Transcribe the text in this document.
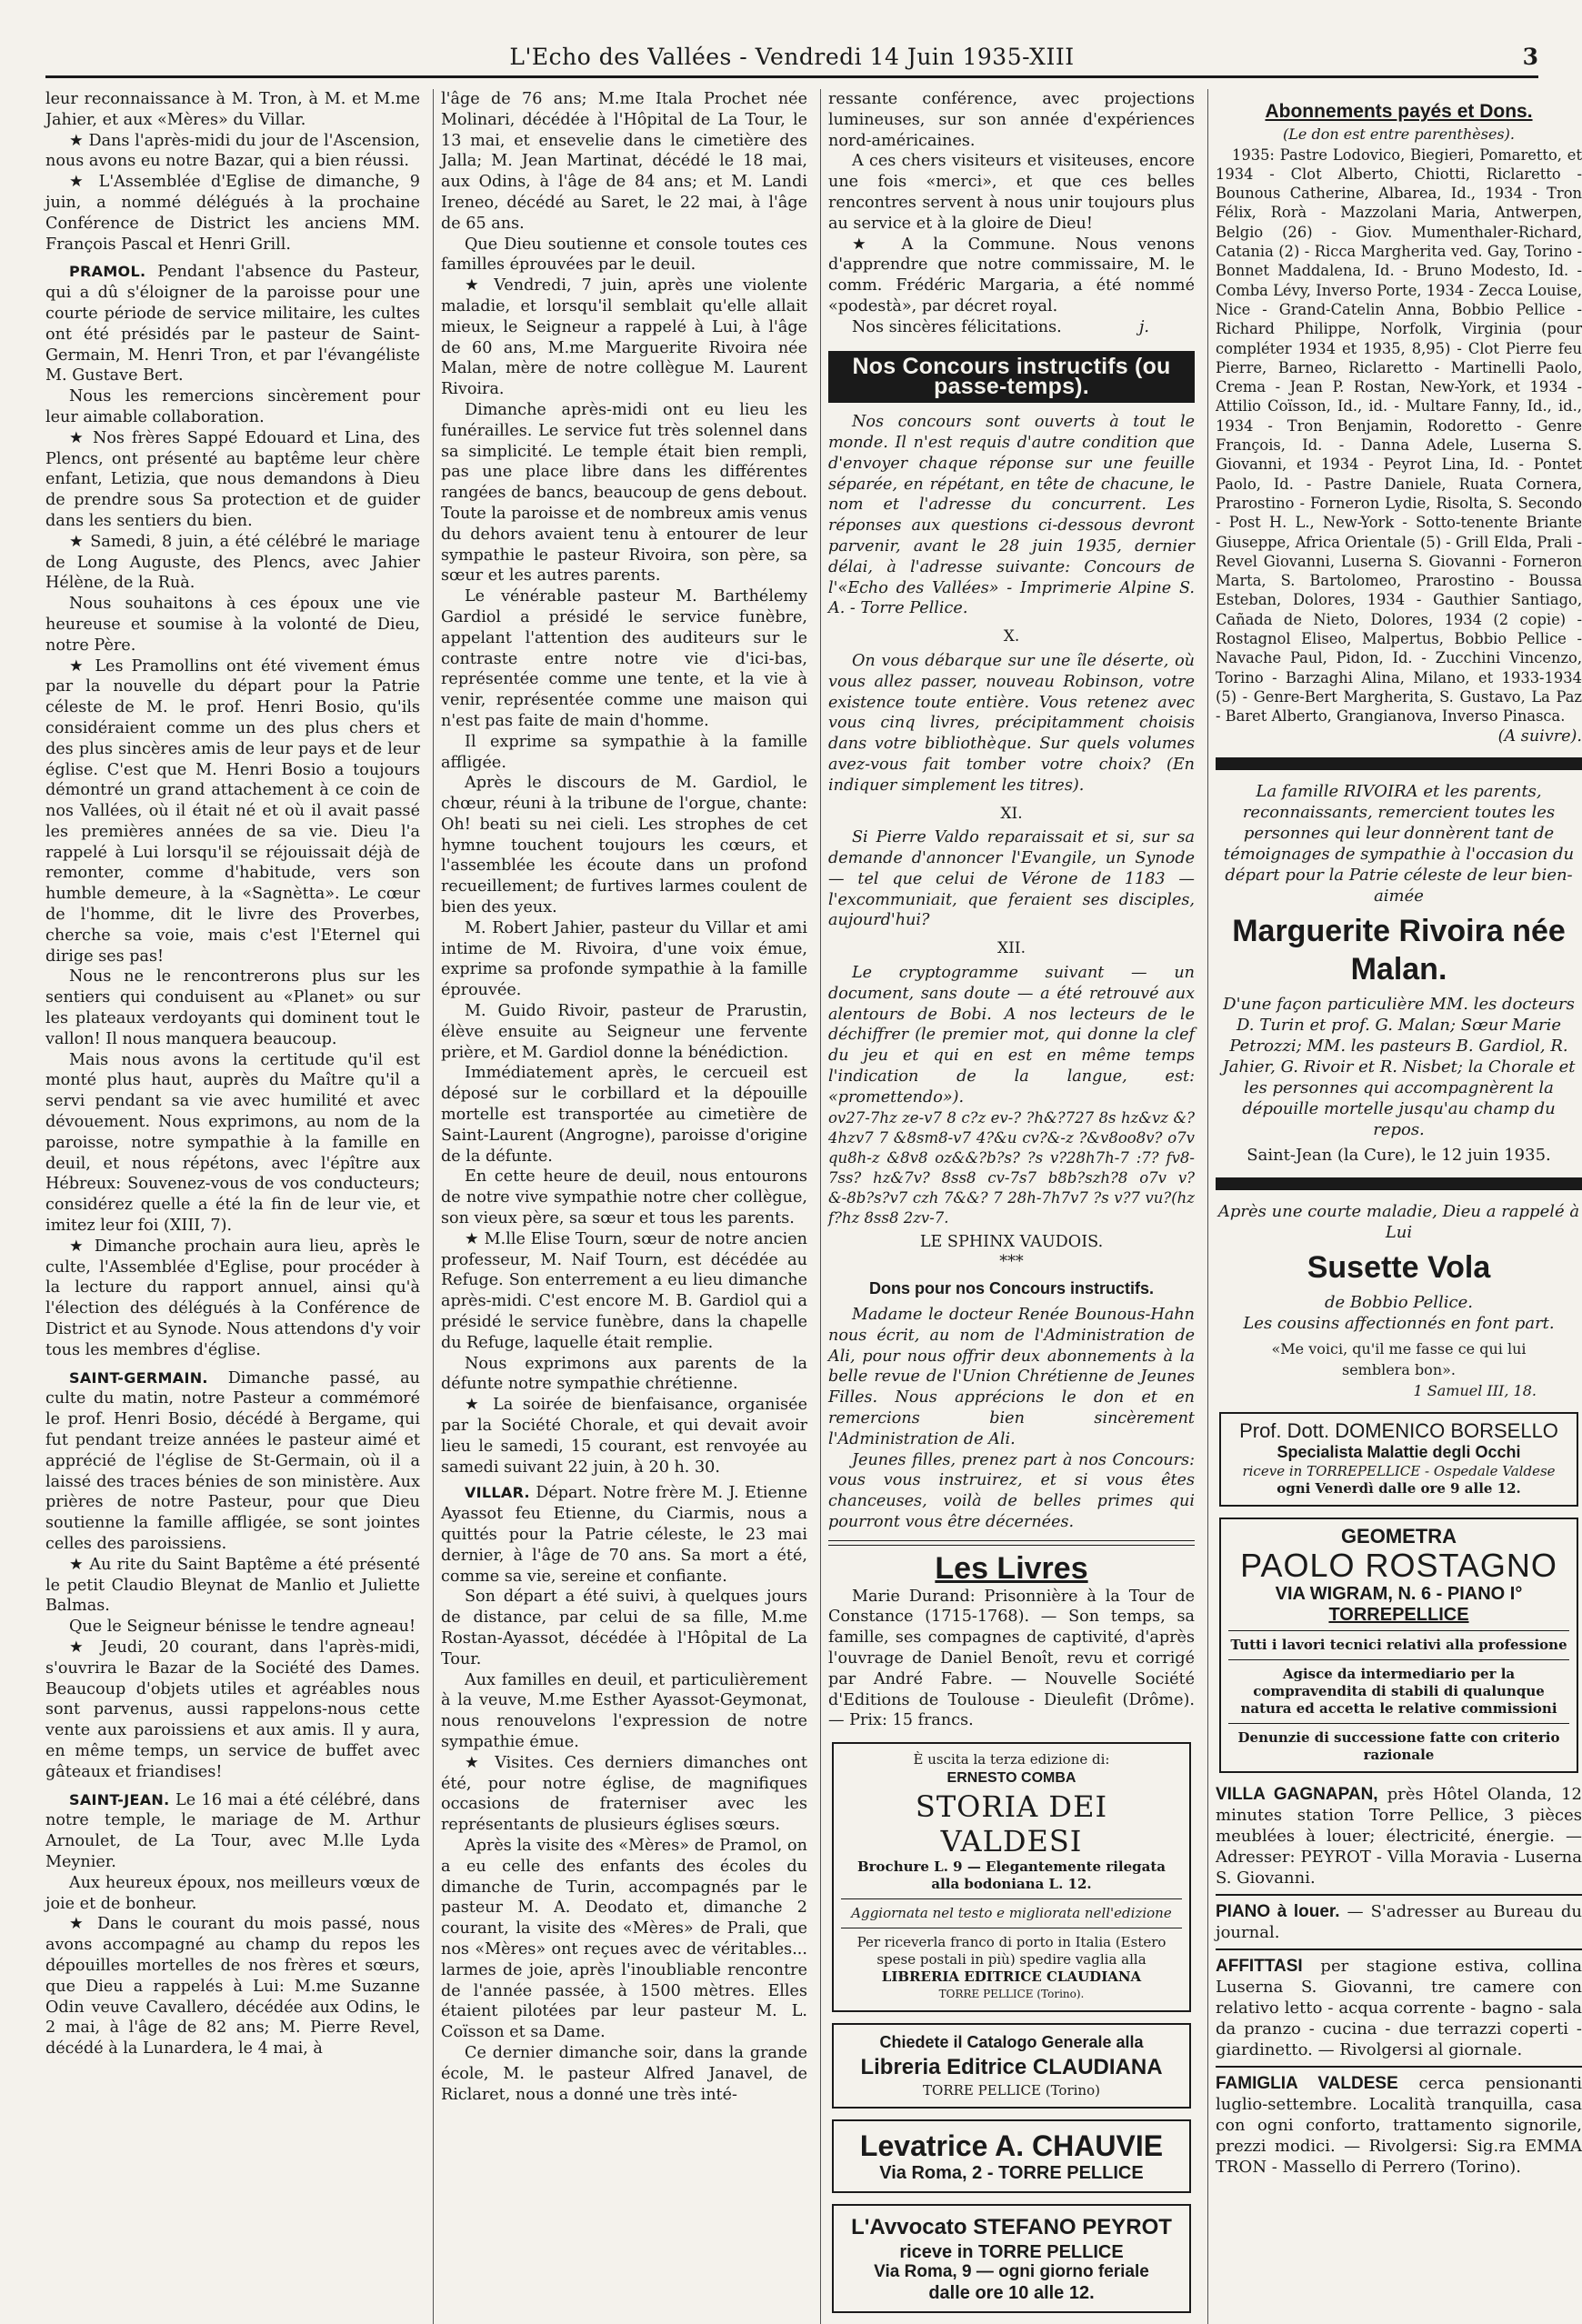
L'Echo des Vallées - Vendredi 14 Juin 1935-XIII	3

leur reconnaissance à M. Tron, à M. et M.me Jahier, et aux «Mères» du Villar.

★ Dans l'après-midi du jour de l'Ascension, nous avons eu notre Bazar, qui a bien réussi.

★ L'Assemblée d'Eglise de dimanche, 9 juin, a nommé délégués à la prochaine Conférence de District les anciens MM. François Pascal et Henri Grill.

PRAMOL. Pendant l'absence du Pasteur, qui a dû s'éloigner de la paroisse pour une courte période de service militaire, les cultes ont été présidés par le pasteur de Saint-Germain, M. Henri Tron, et par l'évangéliste M. Gustave Bert.

Nous les remercions sincèrement pour leur aimable collaboration.

★ Nos frères Sappé Edouard et Lina, des Plencs, ont présenté au baptême leur chère enfant, Letizia, que nous demandons à Dieu de prendre sous Sa protection et de guider dans les sentiers du bien.

★ Samedi, 8 juin, a été célébré le mariage de Long Auguste, des Plencs, avec Jahier Hélène, de la Ruà.

Nous souhaitons à ces époux une vie heureuse et soumise à la volonté de Dieu, notre Père.

★ Les Pramollins ont été vivement émus par la nouvelle du départ pour la Patrie céleste de M. le prof. Henri Bosio, qu'ils considéraient comme un des plus chers et des plus sincères amis de leur pays et de leur église. C'est que M. Henri Bosio a toujours démontré un grand attachement à ce coin de nos Vallées, où il était né et où il avait passé les premières années de sa vie. Dieu l'a rappelé à Lui lorsqu'il se réjouissait déjà de remonter, comme d'habitude, vers son humble demeure, à la «Sagnètta». Le cœur de l'homme, dit le livre des Proverbes, cherche sa voie, mais c'est l'Eternel qui dirige ses pas!

Nous ne le rencontrerons plus sur les sentiers qui conduisent au «Planet» ou sur les plateaux verdoyants qui dominent tout le vallon! Il nous manquera beaucoup.

Mais nous avons la certitude qu'il est monté plus haut, auprès du Maître qu'il a servi pendant sa vie avec humilité et avec dévouement. Nous exprimons, au nom de la paroisse, notre sympathie à la famille en deuil, et nous répétons, avec l'épître aux Hébreux: Souvenez-vous de vos conducteurs; considérez quelle a été la fin de leur vie, et imitez leur foi (XIII, 7).

★ Dimanche prochain aura lieu, après le culte, l'Assemblée d'Eglise, pour procéder à la lecture du rapport annuel, ainsi qu'à l'élection des délégués à la Conférence de District et au Synode. Nous attendons d'y voir tous les membres d'église.

SAINT-GERMAIN. Dimanche passé, au culte du matin, notre Pasteur a commémoré le prof. Henri Bosio, décédé à Bergame, qui fut pendant treize années le pasteur aimé et apprécié de l'église de St-Germain, où il a laissé des traces bénies de son ministère. Aux prières de notre Pasteur, pour que Dieu soutienne la famille affligée, se sont jointes celles des paroissiens.

★ Au rite du Saint Baptême a été présenté le petit Claudio Bleynat de Manlio et Juliette Balmas.

Que le Seigneur bénisse le tendre agneau!

★ Jeudi, 20 courant, dans l'après-midi, s'ouvrira le Bazar de la Société des Dames. Beaucoup d'objets utiles et agréables nous sont parvenus, aussi rappelons-nous cette vente aux paroissiens et aux amis. Il y aura, en même temps, un service de buffet avec gâteaux et friandises!

SAINT-JEAN. Le 16 mai a été célébré, dans notre temple, le mariage de M. Arthur Arnoulet, de La Tour, avec M.lle Lyda Meynier.

Aux heureux époux, nos meilleurs vœux de joie et de bonheur.

★ Dans le courant du mois passé, nous avons accompagné au champ du repos les dépouilles mortelles de nos frères et sœurs, que Dieu a rappelés à Lui: M.me Suzanne Odin veuve Cavallero, décédée aux Odins, le 2 mai, à l'âge de 82 ans; M. Pierre Revel, décédé à la Lunardera, le 4 mai, à

l'âge de 76 ans; M.me Itala Prochet née Molinari, décédée à l'Hôpital de La Tour, le 13 mai, et ensevelie dans le cimetière des Jalla; M. Jean Martinat, décédé le 18 mai, aux Odins, à l'âge de 84 ans; et M. Landi Ireneo, décédé au Saret, le 22 mai, à l'âge de 65 ans.

Que Dieu soutienne et console toutes ces familles éprouvées par le deuil.

★ Vendredi, 7 juin, après une violente maladie, et lorsqu'il semblait qu'elle allait mieux, le Seigneur a rappelé à Lui, à l'âge de 60 ans, M.me Marguerite Rivoira née Malan, mère de notre collègue M. Laurent Rivoira.

Dimanche après-midi ont eu lieu les funérailles. Le service fut très solennel dans sa simplicité. Le temple était bien rempli, pas une place libre dans les différentes rangées de bancs, beaucoup de gens debout. Toute la paroisse et de nombreux amis venus du dehors avaient tenu à entourer de leur sympathie le pasteur Rivoira, son père, sa sœur et les autres parents.

Le vénérable pasteur M. Barthélemy Gardiol a présidé le service funèbre, appelant l'attention des auditeurs sur le contraste entre notre vie d'ici-bas, représentée comme une tente, et la vie à venir, représentée comme une maison qui n'est pas faite de main d'homme.

Il exprime sa sympathie à la famille affligée.

Après le discours de M. Gardiol, le chœur, réuni à la tribune de l'orgue, chante: Oh! beati su nei cieli. Les strophes de cet hymne touchent toujours les cœurs, et l'assemblée les écoute dans un profond recueillement; de furtives larmes coulent de bien des yeux.

M. Robert Jahier, pasteur du Villar et ami intime de M. Rivoira, d'une voix émue, exprime sa profonde sympathie à la famille éprouvée.

M. Guido Rivoir, pasteur de Prarustin, élève ensuite au Seigneur une fervente prière, et M. Gardiol donne la bénédiction.

Immédiatement après, le cercueil est déposé sur le corbillard et la dépouille mortelle est transportée au cimetière de Saint-Laurent (Angrogne), paroisse d'origine de la défunte.

En cette heure de deuil, nous entourons de notre vive sympathie notre cher collègue, son vieux père, sa sœur et tous les parents.

★ M.lle Elise Tourn, sœur de notre ancien professeur, M. Naif Tourn, est décédée au Refuge. Son enterrement a eu lieu dimanche après-midi. C'est encore M. B. Gardiol qui a présidé le service funèbre, dans la chapelle du Refuge, laquelle était remplie.

Nous exprimons aux parents de la défunte notre sympathie chrétienne.

★ La soirée de bienfaisance, organisée par la Société Chorale, et qui devait avoir lieu le samedi, 15 courant, est renvoyée au samedi suivant 22 juin, à 20 h. 30.

VILLAR. Départ. Notre frère M. J. Etienne Ayassot feu Etienne, du Ciarmis, nous a quittés pour la Patrie céleste, le 23 mai dernier, à l'âge de 70 ans. Sa mort a été, comme sa vie, sereine et confiante.

Son départ a été suivi, à quelques jours de distance, par celui de sa fille, M.me Rostan-Ayassot, décédée à l'Hôpital de La Tour.

Aux familles en deuil, et particulièrement à la veuve, M.me Esther Ayassot-Geymonat, nous renouvelons l'expression de notre sympathie émue.

★ Visites. Ces derniers dimanches ont été, pour notre église, de magnifiques occasions de fraterniser avec les représentants de plusieurs églises sœurs.

Après la visite des «Mères» de Pramol, on a eu celle des enfants des écoles du dimanche de Turin, accompagnés par le pasteur M. A. Deodato et, dimanche 2 courant, la visite des «Mères» de Prali, que nos «Mères» ont reçues avec de véritables... larmes de joie, après l'inoubliable rencontre de l'année passée, à 1500 mètres. Elles étaient pilotées par leur pasteur M. L. Coïsson et sa Dame.

Ce dernier dimanche soir, dans la grande école, M. le pasteur Alfred Janavel, de Riclaret, nous a donné une très inté-

ressante conférence, avec projections lumineuses, sur son année d'expériences nord-américaines.

A ces chers visiteurs et visiteuses, encore une fois «merci», et que ces belles rencontres servent à nous unir toujours plus au service et à la gloire de Dieu!

★ A la Commune. Nous venons d'apprendre que notre commissaire, M. le comm. Frédéric Margaria, a été nommé «podestà», par décret royal.

Nos sincères félicitations.	j.

Nos Concours instructifs (ou passe-temps).

Nos concours sont ouverts à tout le monde. Il n'est requis d'autre condition que d'envoyer chaque réponse sur une feuille séparée, en répétant, en tête de chacune, le nom et l'adresse du concurrent. Les réponses aux questions ci-dessous devront parvenir, avant le 28 juin 1935, dernier délai, à l'adresse suivante: Concours de l'«Echo des Vallées» - Imprimerie Alpine S. A. - Torre Pellice.

X.

On vous débarque sur une île déserte, où vous allez passer, nouveau Robinson, votre existence toute entière. Vous retenez avec vous cinq livres, précipitamment choisis dans votre bibliothèque. Sur quels volumes avez-vous fait tomber votre choix? (En indiquer simplement les titres).

XI.

Si Pierre Valdo reparaissait et si, sur sa demande d'annoncer l'Evangile, un Synode — tel que celui de Vérone de 1183 — l'excommuniait, que feraient ses disciples, aujourd'hui?

XII.

Le cryptogramme suivant — un document, sans doute — a été retrouvé aux alentours de Bobi. A nos lecteurs de le déchiffrer (le premier mot, qui donne la clef du jeu et qui en est en même temps l'indication de la langue, est: «promettendo»).

ov27-7hz ze-v7 8 c?z ev-? ?h&?727 8s hz&vz &?4hzv7 7 &8sm8-v7 4?&u cv?&-z ?&v8oo8v? o7v qu8h-z &8v8 oz&&?b?s? ?s v?28h7h-7 :7? fv8-7ss? hz&7v? 8ss8 cv-7s7 b8b?szh?8 o7v v?&-8b?s?v7 czh 7&&? 7 28h-7h7v7 ?s v?7 vu?(hz f?hz 8ss8 2zv-7.

LE SPHINX VAUDOIS.
***
Dons pour nos Concours instructifs.

Madame le docteur Renée Bounous-Hahn nous écrit, au nom de l'Administration de Ali, pour nous offrir deux abonnements à la belle revue de l'Union Chrétienne de Jeunes Filles. Nous apprécions le don et en remercions bien sincèrement l'Administration de Ali.

Jeunes filles, prenez part à nos Concours: vous vous instruirez, et si vous êtes chanceuses, voilà de belles primes qui pourront vous être décernées.

Les Livres

Marie Durand: Prisonnière à la Tour de Constance (1715-1768). — Son temps, sa famille, ses compagnes de captivité, d'après l'ouvrage de Daniel Benoît, revu et corrigé par André Fabre. — Nouvelle Société d'Editions de Toulouse - Dieulefit (Drôme). — Prix: 15 francs.

È uscita la terza edizione di:
ERNESTO COMBA
STORIA DEI VALDESI
Brochure L. 9 — Elegantemente rilegata alla bodoniana L. 12.
Aggiornata nel testo e migliorata nell'edizione
Per riceverla franco di porto in Italia (Estero spese postali in più) spedire vaglia alla
LIBRERIA EDITRICE CLAUDIANA
TORRE PELLICE (Torino).
Chiedete il Catalogo Generale alla
Libreria Editrice CLAUDIANA
TORRE PELLICE (Torino)
Levatrice A. CHAUVIE
Via Roma, 2 - TORRE PELLICE
L'Avvocato STEFANO PEYROT
riceve in TORRE PELLICE
Via Roma, 9 — ogni giorno feriale
dalle ore 10 alle 12.
Abonnements payés et Dons.
(Le don est entre parenthèses).

1935: Pastre Lodovico, Biegieri, Pomaretto, et 1934 - Clot Alberto, Chiotti, Riclaretto - Bounous Catherine, Albarea, Id., 1934 - Tron Félix, Rorà - Mazzolani Maria, Antwerpen, Belgio (26) - Giov. Mumenthaler-Richard, Catania (2) - Ricca Margherita ved. Gay, Torino - Bonnet Maddalena, Id. - Bruno Modesto, Id. - Comba Lévy, Inverso Porte, 1934 - Zecca Louise, Nice - Grand-Catelin Anna, Bobbio Pellice - Richard Philippe, Norfolk, Virginia (pour compléter 1934 et 1935, 8,95) - Clot Pierre feu Pierre, Barneo, Riclaretto - Martinelli Paolo, Crema - Jean P. Rostan, New-York, et 1934 - Attilio Coïsson, Id., id. - Multare Fanny, Id., id., 1934 - Tron Benjamin, Rodoretto - Genre François, Id. - Danna Adele, Luserna S. Giovanni, et 1934 - Peyrot Lina, Id. - Pontet Paolo, Id. - Pastre Daniele, Ruata Cornera, Prarostino - Forneron Lydie, Risolta, S. Secondo - Post H. L., New-York - Sotto-tenente Briante Giuseppe, Africa Orientale (5) - Grill Elda, Prali - Revel Giovanni, Luserna S. Giovanni - Forneron Marta, S. Bartolomeo, Prarostino - Boussa Esteban, Dolores, 1934 - Gauthier Santiago, Cañada de Nieto, Dolores, 1934 (2 copie) - Rostagnol Eliseo, Malpertus, Bobbio Pellice - Navache Paul, Pidon, Id. - Zucchini Vincenzo, Torino - Barzaghi Alina, Milano, et 1933-1934 (5) - Genre-Bert Margherita, S. Gustavo, La Paz - Baret Alberto, Grangianova, Inverso Pinasca.

(A suivre).
La famille RIVOIRA et les parents, reconnaissants, remercient toutes les personnes qui leur donnèrent tant de témoignages de sympathie à l'occasion du départ pour la Patrie céleste de leur bien-aimée
Marguerite Rivoira née Malan.
D'une façon particulière MM. les docteurs D. Turin et prof. G. Malan; Sœur Marie Petrozzi; MM. les pasteurs B. Gardiol, R. Jahier, G. Rivoir et R. Nisbet; la Chorale et les personnes qui accompagnèrent la dépouille mortelle jusqu'au champ du repos.
Saint-Jean (la Cure), le 12 juin 1935.
Après une courte maladie, Dieu a rappelé à Lui
Susette Vola
de Bobbio Pellice.
Les cousins affectionnés en font part.
«Me voici, qu'il me fasse ce qui lui semblera bon».
1 Samuel III, 18.
Prof. Dott. DOMENICO BORSELLO
Specialista Malattie degli Occhi
riceve in TORREPELLICE - Ospedale Valdese
ogni Venerdì dalle ore 9 alle 12.
GEOMETRA
PAOLO ROSTAGNO
VIA WIGRAM, N. 6 - PIANO I°
TORREPELLICE
Tutti i lavori tecnici relativi alla professione
Agisce da intermediario per la compravendita di stabili di qualunque natura ed accetta le relative commissioni
Denunzie di successione fatte con criterio razionale

VILLA GAGNAPAN, près Hôtel Olanda, 12 minutes station Torre Pellice, 3 pièces meublées à louer; électricité, énergie. — Adresser: PEYROT - Villa Moravia - Luserna S. Giovanni.

PIANO à louer. — S'adresser au Bureau du journal.

AFFITTASI per stagione estiva, collina Luserna S. Giovanni, tre camere con relativo letto - acqua corrente - bagno - sala da pranzo - cucina - due terrazzi coperti - giardinetto. — Rivolgersi al giornale.

FAMIGLIA VALDESE cerca pensionanti luglio-settembre. Località tranquilla, casa con ogni conforto, trattamento signorile, prezzi modici. — Rivolgersi: Sig.ra EMMA TRON - Massello di Perrero (Torino).
